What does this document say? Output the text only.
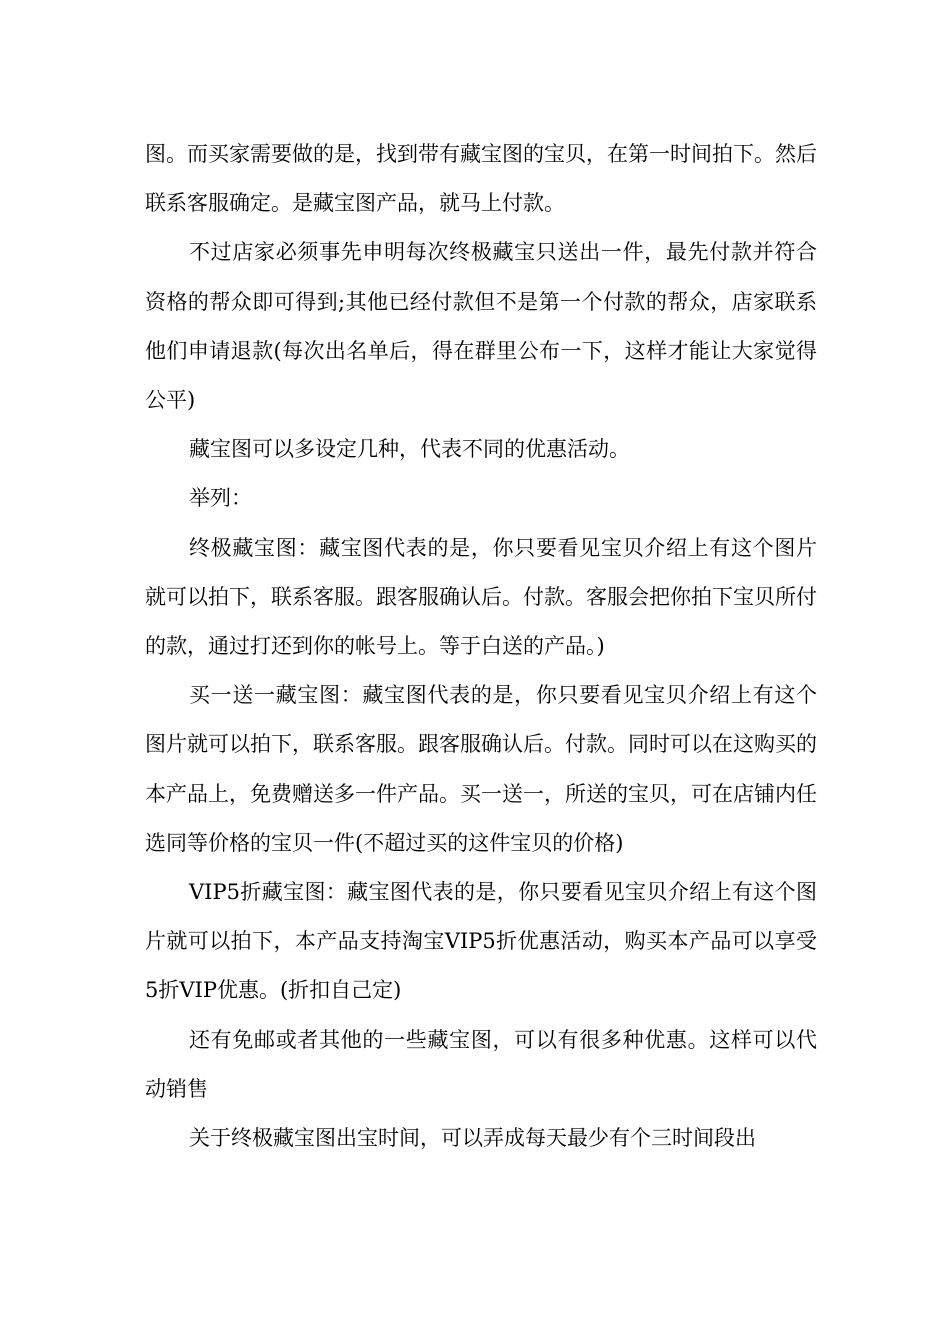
图。而买家需要做的是，找到带有藏宝图的宝贝，在第一时间拍下。然后联系客服确定。是藏宝图产品，就马上付款。

不过店家必须事先申明每次终极藏宝只送出一件，最先付款并符合资格的帮众即可得到;其他已经付款但不是第一个付款的帮众，店家联系他们申请退款(每次出名单后，得在群里公布一下，这样才能让大家觉得公平)

藏宝图可以多设定几种，代表不同的优惠活动。

举列：

终极藏宝图：藏宝图代表的是，你只要看见宝贝介绍上有这个图片就可以拍下，联系客服。跟客服确认后。付款。客服会把你拍下宝贝所付的款，通过打还到你的帐号上。等于白送的产品。)

买一送一藏宝图：藏宝图代表的是，你只要看见宝贝介绍上有这个图片就可以拍下，联系客服。跟客服确认后。付款。同时可以在这购买的本产品上，免费赠送多一件产品。买一送一，所送的宝贝，可在店铺内任选同等价格的宝贝一件(不超过买的这件宝贝的价格)

VIP5折藏宝图：藏宝图代表的是，你只要看见宝贝介绍上有这个图片就可以拍下，本产品支持淘宝VIP5折优惠活动，购买本产品可以享受5折VIP优惠。(折扣自己定)

还有免邮或者其他的一些藏宝图，可以有很多种优惠。这样可以代动销售

关于终极藏宝图出宝时间，可以弄成每天最少有个三时间段出
